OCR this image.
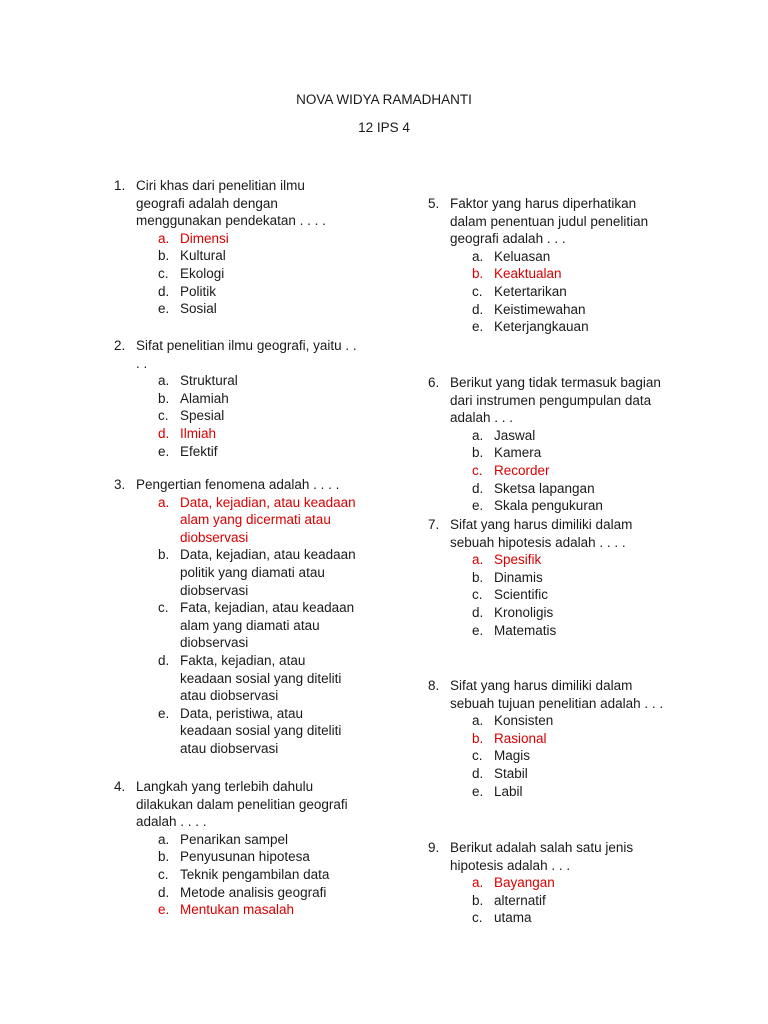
NOVA WIDYA RAMADHANTI
12 IPS 4
1. Ciri khas dari penelitian ilmu
geografi adalah dengan
menggunakan pendekatan . . . .
a. Dimensi
b. Kultural
c. Ekologi
d. Politik
e. Sosial
2. Sifat penelitian ilmu geografi, yaitu . .
. .
a. Struktural
b. Alamiah
c. Spesial
d. Ilmiah
e. Efektif
3. Pengertian fenomena adalah . . . .
a. Data, kejadian, atau keadaan
alam yang dicermati atau
diobservasi
b. Data, kejadian, atau keadaan
politik yang diamati atau
diobservasi
c. Fata, kejadian, atau keadaan
alam yang diamati atau
diobservasi
d. Fakta, kejadian, atau
keadaan sosial yang diteliti
atau diobservasi
e. Data, peristiwa, atau
keadaan sosial yang diteliti
atau diobservasi
4. Langkah yang terlebih dahulu
dilakukan dalam penelitian geografi
adalah . . . .
a. Penarikan sampel
b. Penyusunan hipotesa
c. Teknik pengambilan data
d. Metode analisis geografi
e. Mentukan masalah
5. Faktor yang harus diperhatikan
dalam penentuan judul penelitian
geografi adalah . . .
a. Keluasan
b. Keaktualan
c. Ketertarikan
d. Keistimewahan
e. Keterjangkauan
6. Berikut yang tidak termasuk bagian
dari instrumen pengumpulan data
adalah . . .
a. Jaswal
b. Kamera
c. Recorder
d. Sketsa lapangan
e. Skala pengukuran
7. Sifat yang harus dimiliki dalam
sebuah hipotesis adalah . . . .
a. Spesifik
b. Dinamis
c. Scientific
d. Kronoligis
e. Matematis
8. Sifat yang harus dimiliki dalam
sebuah tujuan penelitian adalah . . .
a. Konsisten
b. Rasional
c. Magis
d. Stabil
e. Labil
9. Berikut adalah salah satu jenis
hipotesis adalah . . .
a. Bayangan
b. alternatif
c. utama
